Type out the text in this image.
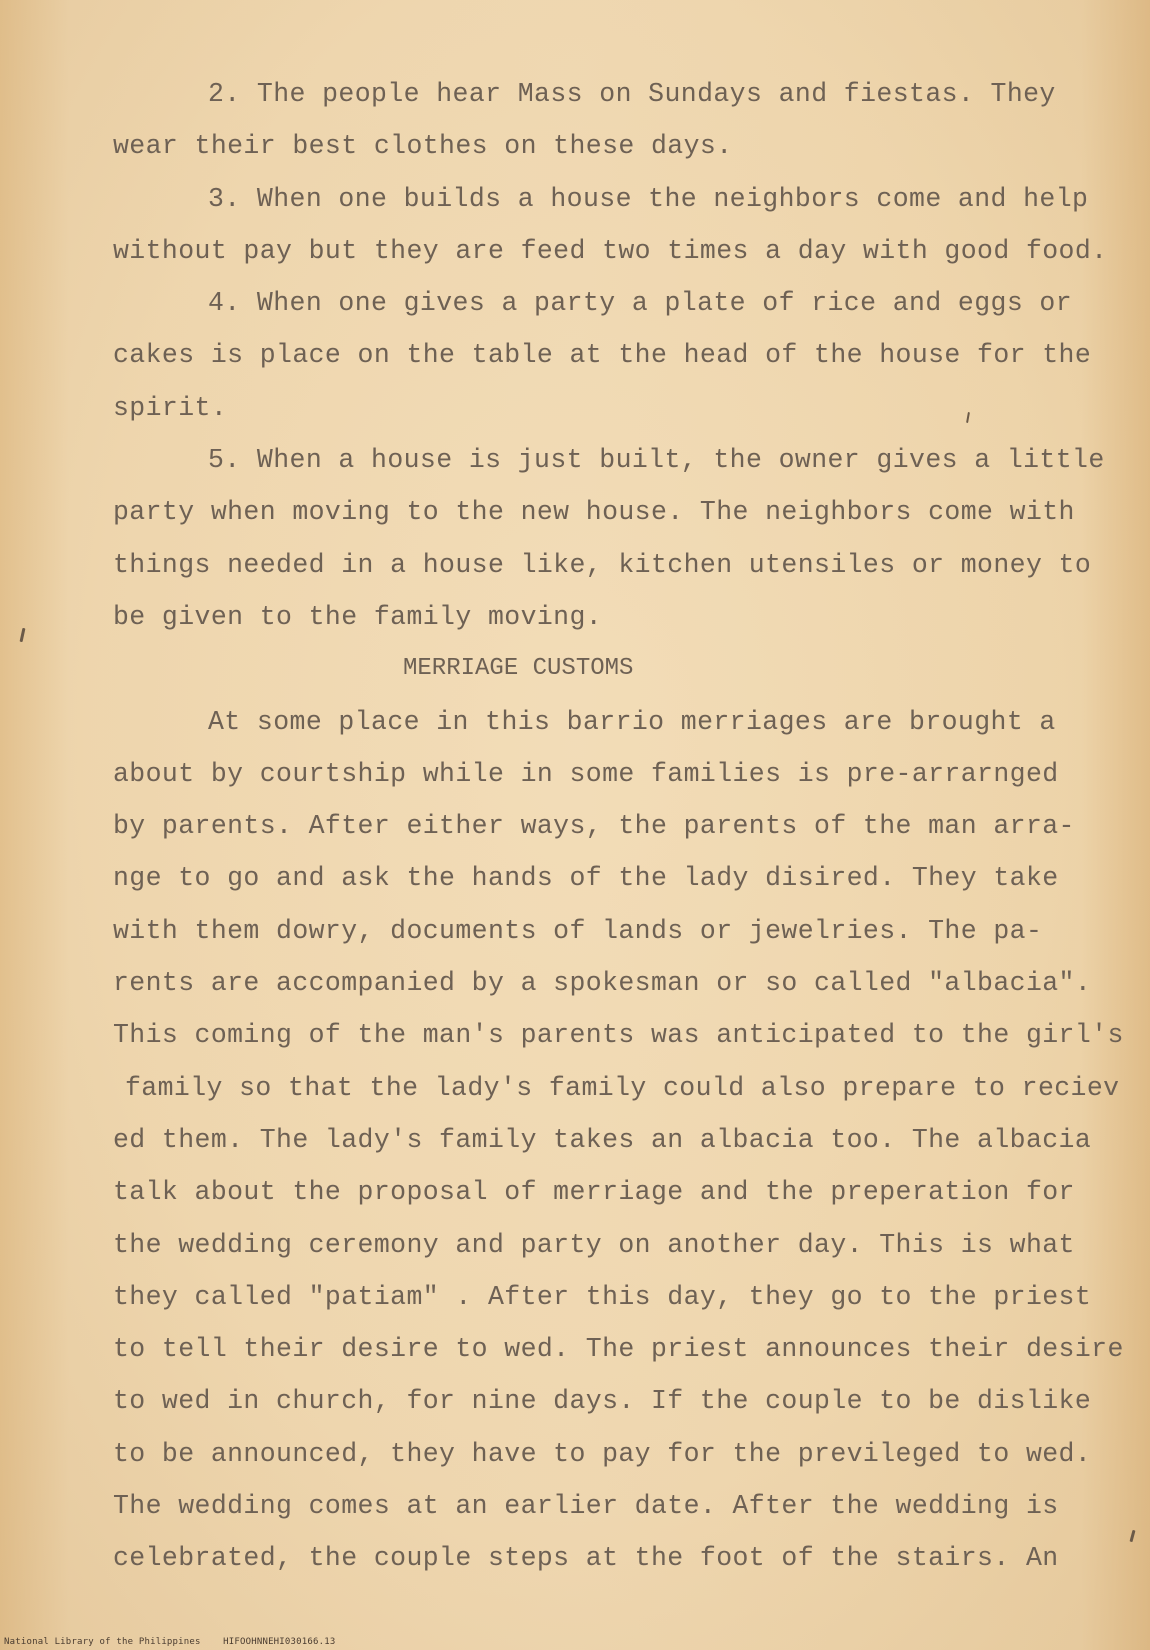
2. The people hear Mass on Sundays and fiestas. They
wear their best clothes on these days.
3. When one builds a house the neighbors come and help
without pay but they are feed two times a day with good food.
4. When one gives a party a plate of rice and eggs or
cakes is place on the table at the head of the house for the
spirit.
5. When a house is just built, the owner gives a little
party when moving to the new house. The neighbors come with
things needed in a house like, kitchen utensiles or money to
be given to the family moving.
MERRIAGE CUSTOMS
At some place in this barrio merriages are brought a
about by courtship while in some families is pre-arrarnged
by parents. After either ways, the parents of the man arra-
nge to go and ask the hands of the lady disired. They take
with them dowry, documents of lands or jewelries. The pa-
rents are accompanied by a spokesman or so called "albacia".
This coming of the man's parents was anticipated to the girl's
family so that the lady's family could also prepare to reciev
ed them. The lady's family takes an albacia too. The albacia
talk about the proposal of merriage and the preperation for
the wedding ceremony and party on another day. This is what
they called "patiam" . After this day, they go to the priest
to tell their desire to wed. The priest announces their desire
to wed in church, for nine days. If the couple to be dislike
to be announced, they have to pay for the previleged to wed.
The wedding comes at an earlier date. After the wedding is
celebrated, the couple steps at the foot of the stairs. An
National Library of the Philippines    HIFOOHNNEHI030166.13
